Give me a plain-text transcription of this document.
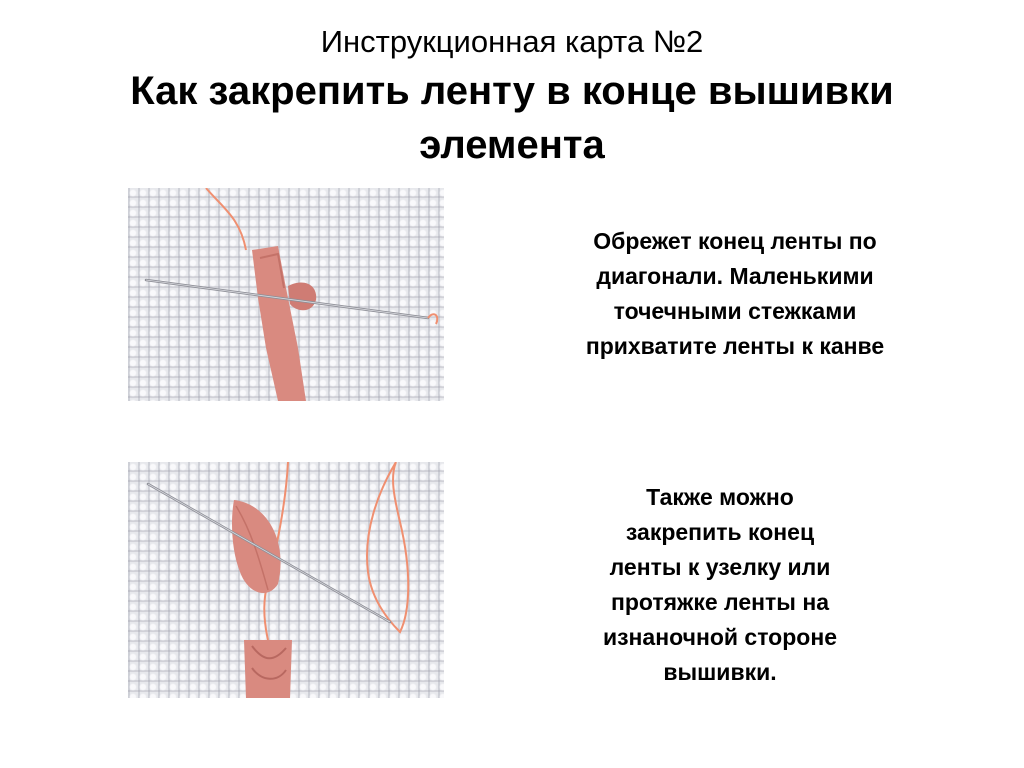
Инструкционная карта №2
Как закрепить ленту в конце вышивки элемента
Обрежет конец ленты по
диагонали. Маленькими
точечными стежками
прихватите ленты к канве
Также можно
закрепить конец
ленты к узелку или
протяжке ленты на
изнаночной стороне
вышивки.
